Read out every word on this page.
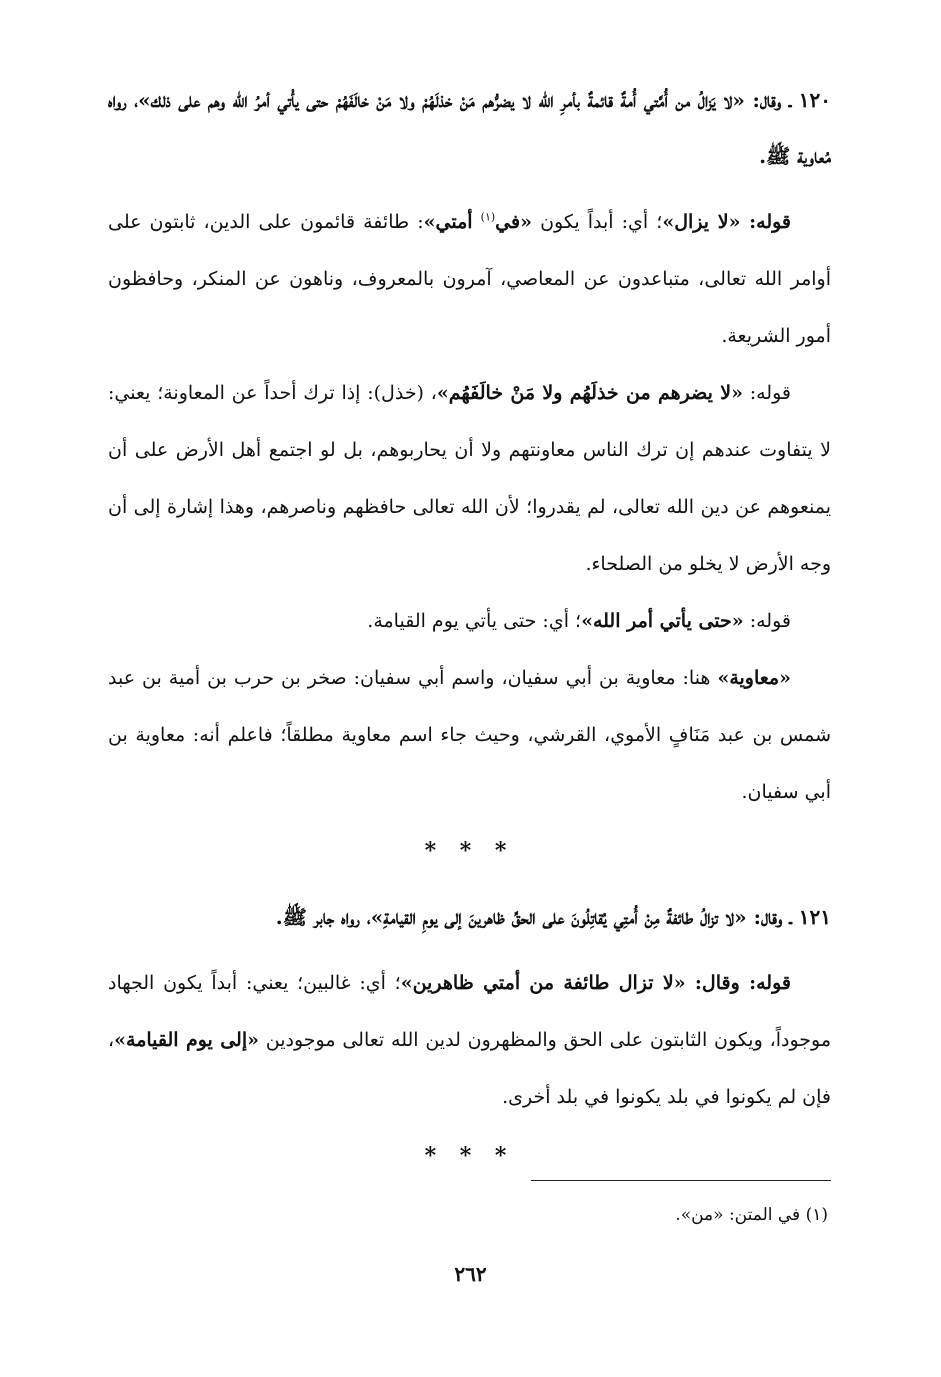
١٢٠ ـ وقال: «لا يَزالُ من أُمَّتي أُمةٌ قائمةٌ بأمرِ الله لا يضرُّهم مَنْ خذلَهُمْ ولا مَنْ خالَفَهُمْ حتى يأْتي أمرُ الله وهم على ذلك»، رواه مُعاوية ﷺ.

قوله: «لا يزال»؛ أي: أبداً يكون «في$^{(١)}$ أمتي»: طائفة قائمون على الدين، ثابتون على أوامر الله تعالى، متباعدون عن المعاصي، آمرون بالمعروف، وناهون عن المنكر، وحافظون أمور الشريعة.

قوله: «لا يضرهم من خذلَهُم ولا مَنْ خالَفَهُم»، (خذل): إذا ترك أحداً عن المعاونة؛ يعني: لا يتفاوت عندهم إن ترك الناس معاونتهم ولا أن يحاربوهم، بل لو اجتمع أهل الأرض على أن يمنعوهم عن دين الله تعالى، لم يقدروا؛ لأن الله تعالى حافظهم وناصرهم، وهذا إشارة إلى أن وجه الأرض لا يخلو من الصلحاء.

قوله: «حتى يأتي أمر الله»؛ أي: حتى يأتي يوم القيامة.

«معاوية» هنا: معاوية بن أبي سفيان، واسم أبي سفيان: صخر بن حرب بن أمية بن عبد شمس بن عبد مَنَافٍ الأموي، القرشي، وحيث جاء اسم معاوية مطلقاً؛ فاعلم أنه: معاوية بن أبي سفيان.

* * *

١٢١ ـ وقال: «لا تزالُ طائفةٌ مِنْ أُمتِي يُقاتِلُونَ على الحقِّ ظاهرينَ إلى يومِ القيامةِ»، رواه جابر ﷺ.

قوله: وقال: «لا تزال طائفة من أمتي ظاهرين»؛ أي: غالبين؛ يعني: أبداً يكون الجهاد موجوداً، ويكون الثابتون على الحق والمظهرون لدين الله تعالى موجودين «إلى يوم القيامة»، فإن لم يكونوا في بلد يكونوا في بلد أخرى.

* * *
(١) في المتن: «من».
٢٦٢
